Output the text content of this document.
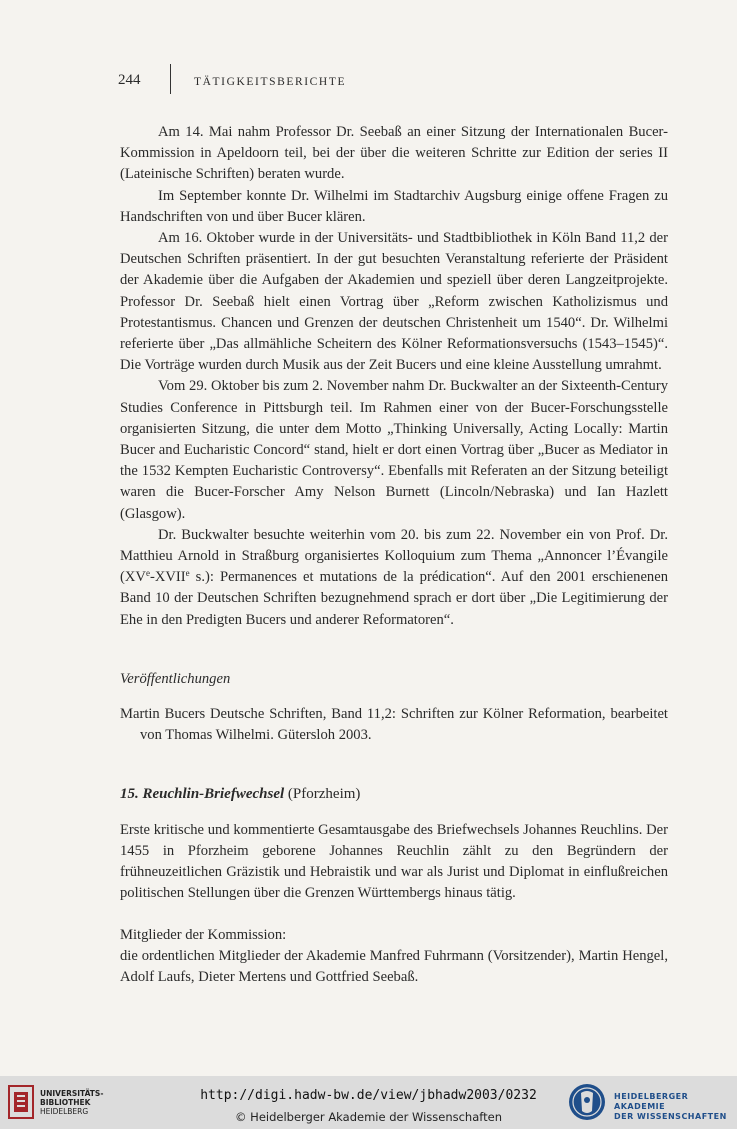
244	TÄTIGKEITSBERICHTE

Am 14. Mai nahm Professor Dr. Seebaß an einer Sitzung der Internationalen Bucer-Kommission in Apeldoorn teil, bei der über die weiteren Schritte zur Edition der series II (Lateinische Schriften) beraten wurde.

Im September konnte Dr. Wilhelmi im Stadtarchiv Augsburg einige offene Fragen zu Handschriften von und über Bucer klären.

Am 16. Oktober wurde in der Universitäts- und Stadtbibliothek in Köln Band 11,2 der Deutschen Schriften präsentiert. In der gut besuchten Veranstaltung referierte der Präsident der Akademie über die Aufgaben der Akademien und speziell über deren Langzeitprojekte. Professor Dr. Seebaß hielt einen Vortrag über „Reform zwischen Katholizismus und Protestantismus. Chancen und Grenzen der deutschen Christenheit um 1540“. Dr. Wilhelmi referierte über „Das allmähliche Scheitern des Kölner Reformationsversuchs (1543–1545)“. Die Vorträge wurden durch Musik aus der Zeit Bucers und eine kleine Ausstellung umrahmt.

Vom 29. Oktober bis zum 2. November nahm Dr. Buckwalter an der Sixteenth-Century Studies Conference in Pittsburgh teil. Im Rahmen einer von der Bucer-Forschungsstelle organisierten Sitzung, die unter dem Motto „Thinking Universally, Acting Locally: Martin Bucer and Eucharistic Concord“ stand, hielt er dort einen Vortrag über „Bucer as Mediator in the 1532 Kempten Eucharistic Controversy“. Ebenfalls mit Referaten an der Sitzung beteiligt waren die Bucer-Forscher Amy Nelson Burnett (Lincoln/Nebraska) und Ian Hazlett (Glasgow).

Dr. Buckwalter besuchte weiterhin vom 20. bis zum 22. November ein von Prof. Dr. Matthieu Arnold in Straßburg organisiertes Kolloquium zum Thema „Annoncer l’Évangile (XVe-XVIIe s.): Permanences et mutations de la prédication“. Auf den 2001 erschienenen Band 10 der Deutschen Schriften bezugnehmend sprach er dort über „Die Legitimierung der Ehe in den Predigten Bucers und anderer Reformatoren“.

Veröffentlichungen

Martin Bucers Deutsche Schriften, Band 11,2: Schriften zur Kölner Reformation, bearbeitet von Thomas Wilhelmi. Gütersloh 2003.

15. Reuchlin-Briefwechsel (Pforzheim)

Erste kritische und kommentierte Gesamtausgabe des Briefwechsels Johannes Reuchlins. Der 1455 in Pforzheim geborene Johannes Reuchlin zählt zu den Begründern der frühneuzeitlichen Gräzistik und Hebraistik und war als Jurist und Diplomat in einflußreichen politischen Stellungen über die Grenzen Württembergs hinaus tätig.

Mitglieder der Kommission:

die ordentlichen Mitglieder der Akademie Manfred Fuhrmann (Vorsitzender), Martin Hengel, Adolf Laufs, Dieter Mertens und Gottfried Seebaß.

UNIVERSITÄTS-
BIBLIOTHEK
HEIDELBERG
http://digi.hadw-bw.de/view/jbhadw2003/0232
© Heidelberger Akademie der Wissenschaften
HEIDELBERGER AKADEMIE
DER WISSENSCHAFTEN
